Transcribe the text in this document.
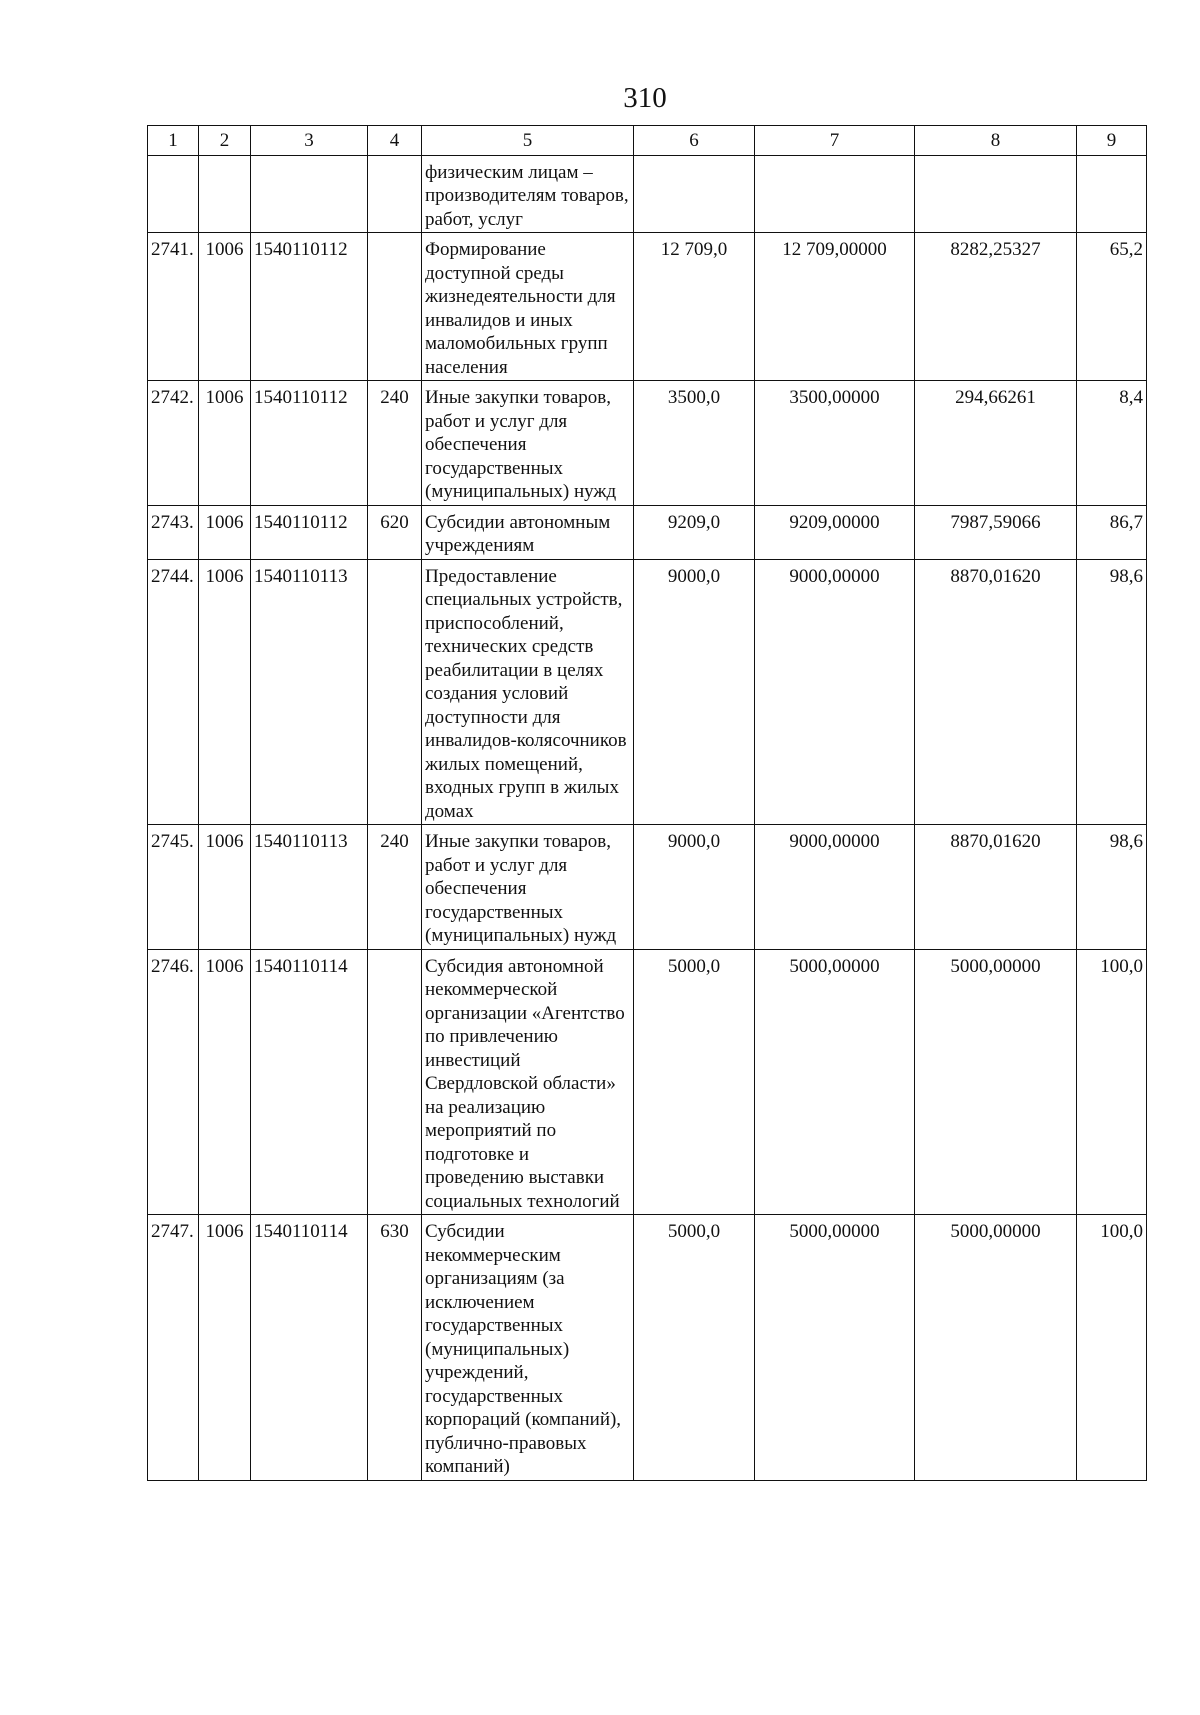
310
1	2	3	4	5	6	7	8	9
				физическим лицам – производителям товаров, работ, услуг				
2741.	1006	1540110112		Формирование доступной среды жизнедеятельности для инвалидов и иных маломобильных групп населения	12 709,0	12 709,00000	8282,25327	65,2
2742.	1006	1540110112	240	Иные закупки товаров, работ и услуг для обеспечения государственных (муниципальных) нужд	3500,0	3500,00000	294,66261	8,4
2743.	1006	1540110112	620	Субсидии автономным учреждениям	9209,0	9209,00000	7987,59066	86,7
2744.	1006	1540110113		Предоставление специальных устройств, приспособлений, технических средств реабилитации в целях создания условий доступности для инвалидов-колясочников жилых помещений, входных групп в жилых домах	9000,0	9000,00000	8870,01620	98,6
2745.	1006	1540110113	240	Иные закупки товаров, работ и услуг для обеспечения государственных (муниципальных) нужд	9000,0	9000,00000	8870,01620	98,6
2746.	1006	1540110114		Субсидия автономной некоммерческой организации «Агентство по привлечению инвестиций Свердловской области» на реализацию мероприятий по подготовке и проведению выставки социальных технологий	5000,0	5000,00000	5000,00000	100,0
2747.	1006	1540110114	630	Субсидии некоммерческим организациям (за исключением государственных (муниципальных) учреждений, государственных корпораций (компаний), публично-правовых компаний)	5000,0	5000,00000	5000,00000	100,0
